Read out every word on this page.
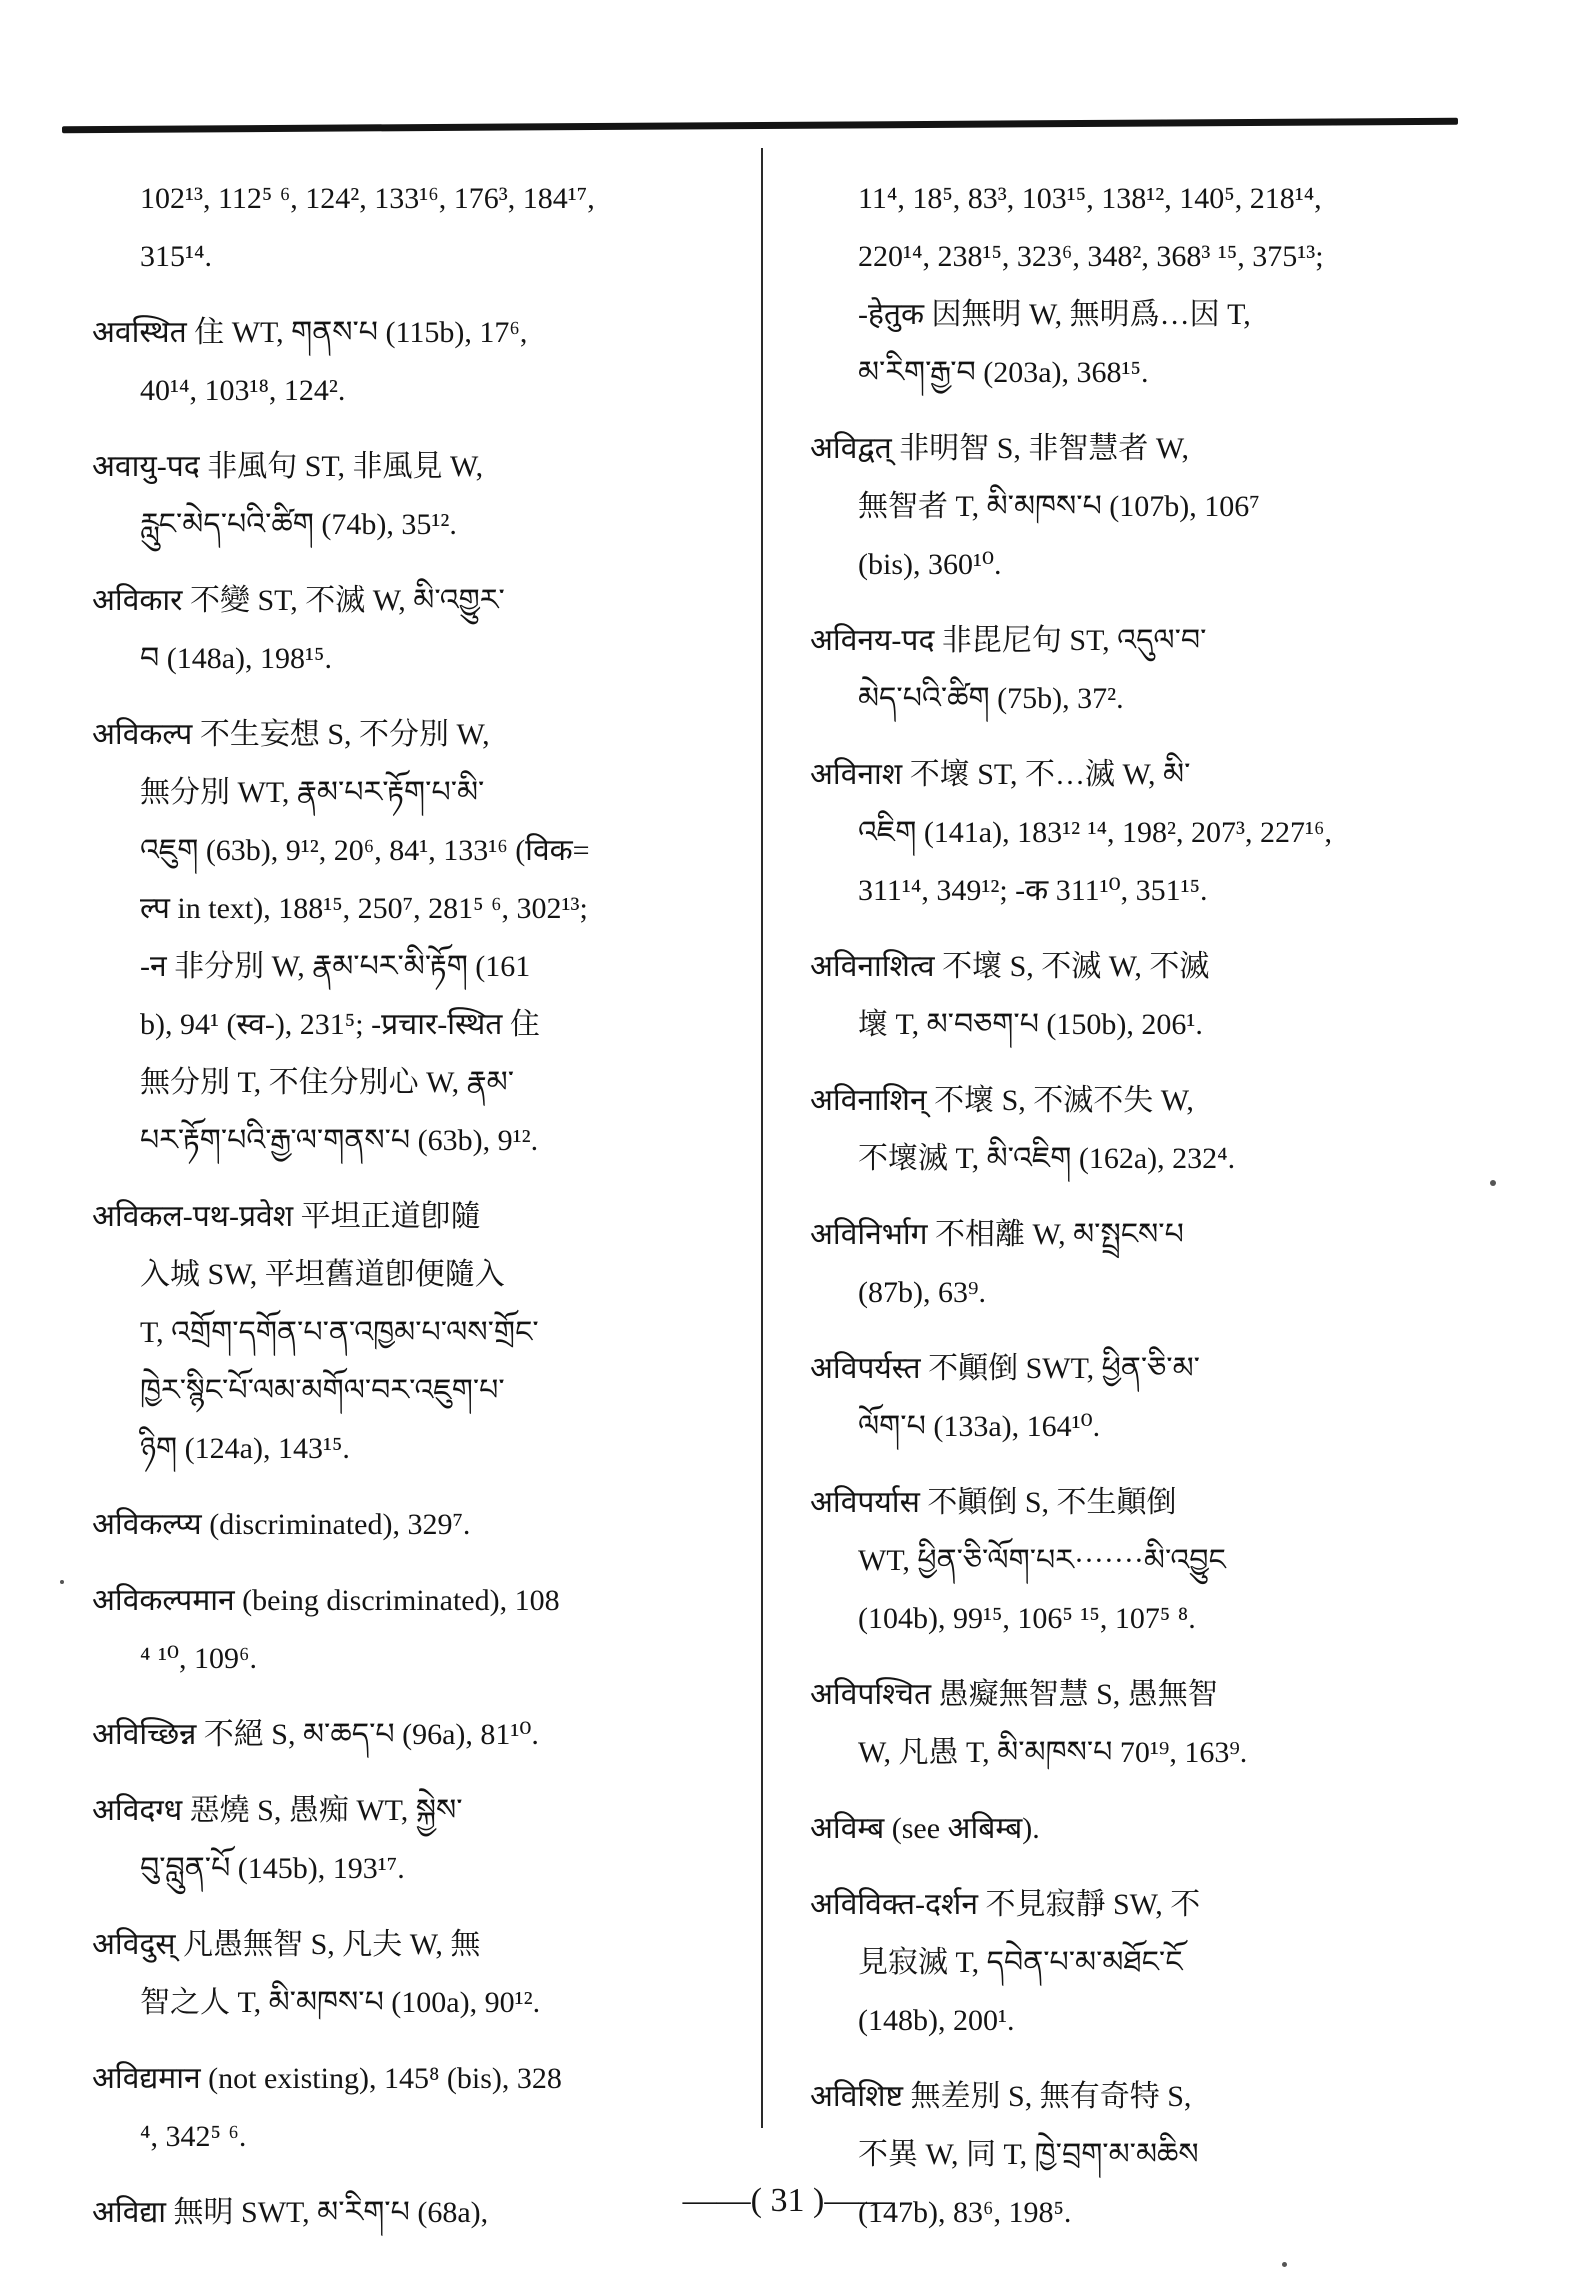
102¹³, 112⁵ ⁶, 124², 133¹⁶, 176³, 184¹⁷,
315¹⁴.
अवस्थित 住 WT, གནས་པ (115b), 17⁶,
40¹⁴, 103¹⁸, 124².
अवायु-पद 非風句 ST, 非風見 W,
རླུང་མེད་པའི་ཚིག (74b), 35¹².
अविकार 不變 ST, 不滅 W, མི་འགྱུར་
བ (148a), 198¹⁵.
अविकल्प 不生妄想 S, 不分別 W,
無分別 WT, རྣམ་པར་རྟོག་པ་མི་
འཇུག (63b), 9¹², 20⁶, 84¹, 133¹⁶ (विक=
ल्प in text), 188¹⁵, 250⁷, 281⁵ ⁶, 302¹³;
-न 非分別 W, རྣམ་པར་མི་རྟོག (161
b), 94¹ (स्व-), 231⁵; -प्रचार-स्थित 住
無分別 T, 不住分別心 W, རྣམ་
པར་རྟོག་པའི་རྒྱ་ལ་གནས་པ (63b), 9¹².
अविकल-पथ-प्रवेश 平坦正道卽隨
入城 SW, 平坦舊道卽便隨入
T, འགྲོག་དགོན་པ་ན་འཁྱམ་པ་ལས་གྲོང་
ཁྱེར་སྙིང་པོ་ལམ་མགོལ་བར་འཇུག་པ་
ཉིག (124a), 143¹⁵.
अविकल्प्य (discriminated), 329⁷.
अविकल्पमान (being discriminated), 108
⁴ ¹⁰, 109⁶.
अविच्छिन्न 不絕 S, མ་ཆད་པ (96a), 81¹⁰.
अविदग्ध 惡燒 S, 愚痴 WT, སྐྱེས་
བུ་བླུན་པོ (145b), 193¹⁷.
अविदुस् 凡愚無智 S, 凡夫 W, 無
智之人 T, མི་མཁས་པ (100a), 90¹².
अविद्यमान (not existing), 145⁸ (bis), 328
⁴, 342⁵ ⁶.
अविद्या 無明 SWT, མ་རིག་པ (68a),
11⁴, 18⁵, 83³, 103¹⁵, 138¹², 140⁵, 218¹⁴,
220¹⁴, 238¹⁵, 323⁶, 348², 368³ ¹⁵, 375¹³;
-हेतुक 因無明 W, 無明爲…因 T,
མ་རིག་རྒྱ་བ (203a), 368¹⁵.
अविद्वत् 非明智 S, 非智慧者 W,
無智者 T, མི་མཁས་པ (107b), 106⁷
(bis), 360¹⁰.
अविनय-पद 非毘尼句 ST, འདུལ་བ་
མེད་པའི་ཚིག (75b), 37².
अविनाश 不壞 ST, 不…滅 W, མི་
འཇིག (141a), 183¹² ¹⁴, 198², 207³, 227¹⁶,
311¹⁴, 349¹²; -क 311¹⁰, 351¹⁵.
अविनाशित्व 不壞 S, 不滅 W, 不滅
壞 T, མ་བཅག་པ (150b), 206¹.
अविनाशिन् 不壞 S, 不滅不失 W,
不壞滅 T, མི་འཇིག (162a), 232⁴.
अविनिर्भाग 不相離 W, མ་སྤྲངས་པ
(87b), 63⁹.
अविपर्यस्त 不顚倒 SWT, ཕྱིན་ཅི་མ་
ལོག་པ (133a), 164¹⁰.
अविपर्यास 不顚倒 S, 不生顚倒
WT, ཕྱིན་ཅི་ལོག་པར·······མི་འབྱུང
(104b), 99¹⁵, 106⁵ ¹⁵, 107⁵ ⁸.
अविपश्चित 愚癡無智慧 S, 愚無智
W, 凡愚 T, མི་མཁས་པ 70¹⁹, 163⁹.
अविम्ब (see अबिम्ब).
अविविक्त-दर्शन 不見寂靜 SW, 不
見寂滅 T, དབེན་པ་མ་མཐོང་ངོ
(148b), 200¹.
अविशिष्ट 無差別 S, 無有奇特 S,
不異 W, 同 T, ཁྱེ་བྲག་མ་མཆིས
(147b), 83⁶, 198⁵.
——( 31 )——
